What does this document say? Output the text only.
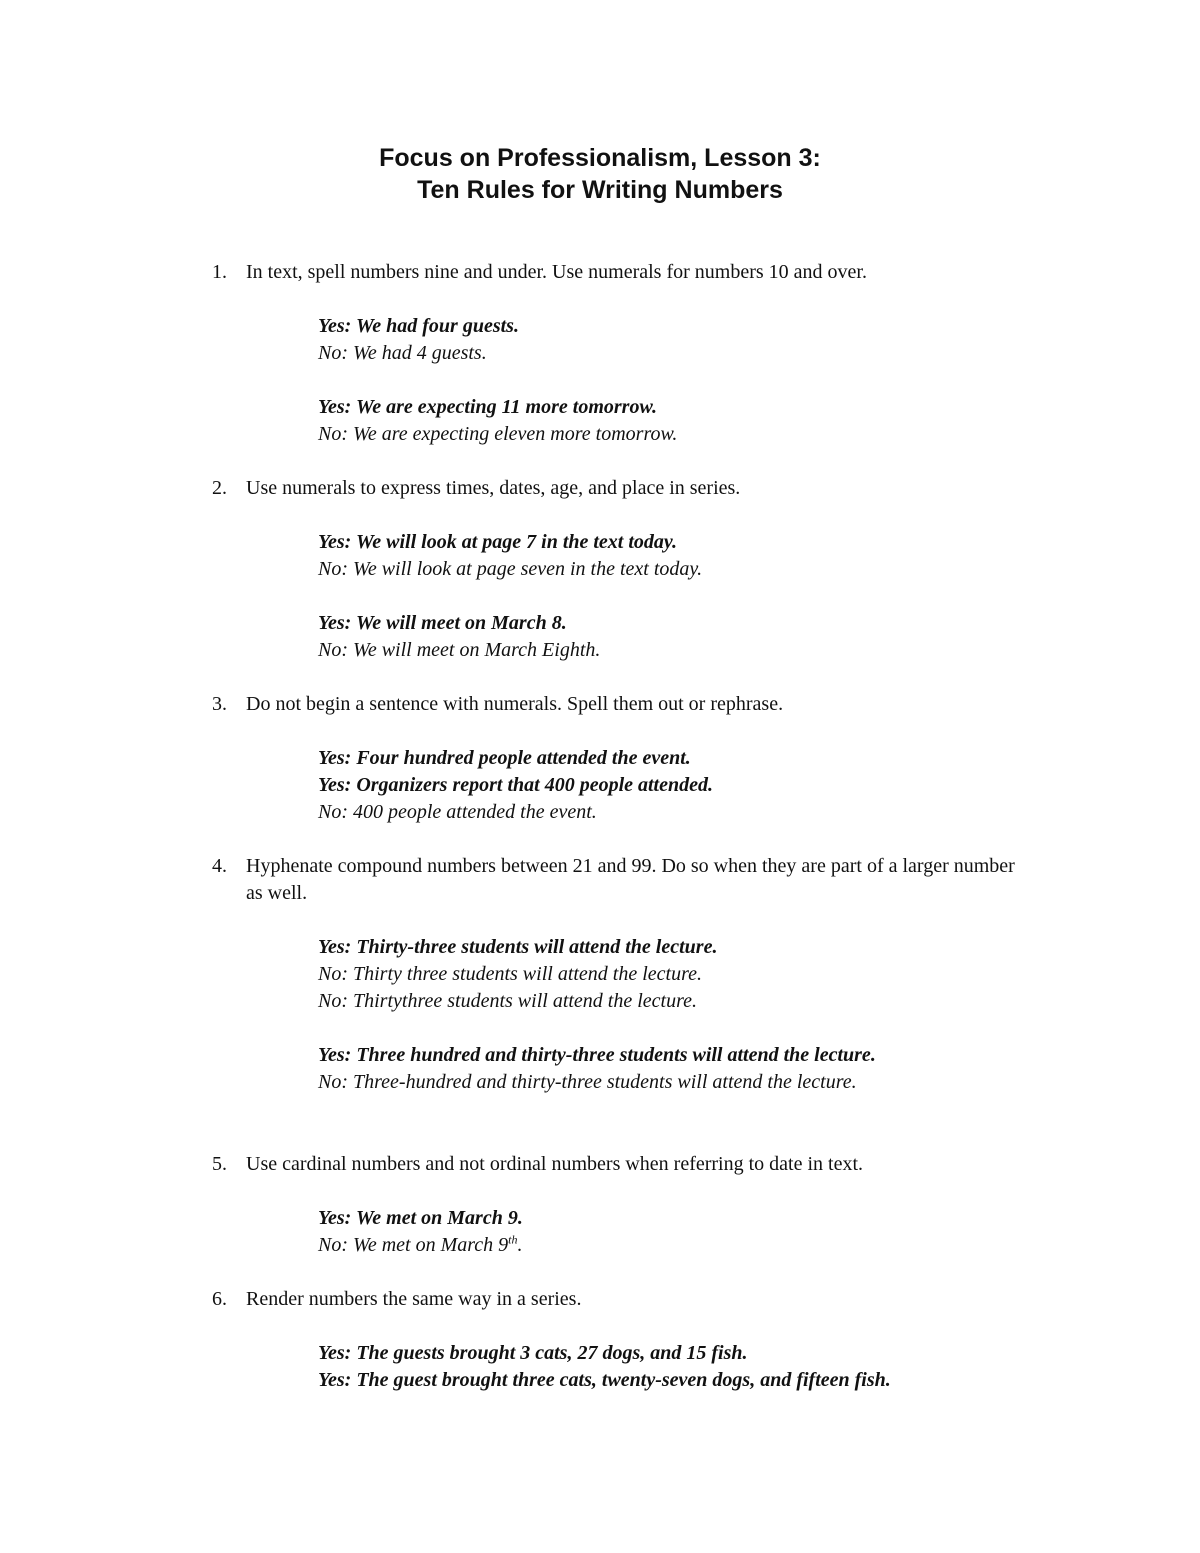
Focus on Professionalism, Lesson 3:
Ten Rules for Writing Numbers
1. In text, spell numbers nine and under. Use numerals for numbers 10 and over.

Yes: We had four guests.

No: We had 4 guests.

Yes: We are expecting 11 more tomorrow.

No: We are expecting eleven more tomorrow.

2. Use numerals to express times, dates, age, and place in series.

Yes: We will look at page 7 in the text today.

No: We will look at page seven in the text today.

Yes: We will meet on March 8.

No: We will meet on March Eighth.

3. Do not begin a sentence with numerals. Spell them out or rephrase.

Yes: Four hundred people attended the event.

Yes: Organizers report that 400 people attended.

No: 400 people attended the event.

4. Hyphenate compound numbers between 21 and 99. Do so when they are part of a larger number as well.

Yes: Thirty-three students will attend the lecture.

No: Thirty three students will attend the lecture.

No: Thirtythree students will attend the lecture.

Yes: Three hundred and thirty-three students will attend the lecture.

No: Three-hundred and thirty-three students will attend the lecture.

5. Use cardinal numbers and not ordinal numbers when referring to date in text.

Yes: We met on March 9.

No: We met on March 9th.

6. Render numbers the same way in a series.

Yes: The guests brought 3 cats, 27 dogs, and 15 fish.

Yes: The guest brought three cats, twenty-seven dogs, and fifteen fish.
